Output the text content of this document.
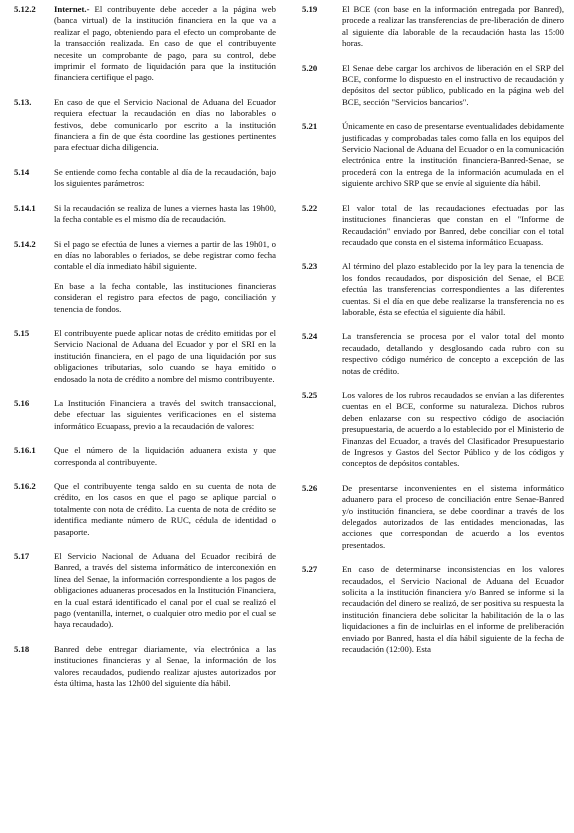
5.12.2	Internet.- El contribuyente debe acceder a la página web (banca virtual) de la institución financiera en la que va a realizar el pago, obteniendo para el efecto un comprobante de la transacción realizada. En caso de que el contribuyente necesite un comprobante de pago, para su control, debe imprimir el formato de liquidación para que la institución financiera certifique el pago.

5.13.	En caso de que el Servicio Nacional de Aduana del Ecuador requiera efectuar la recaudación en días no laborables o festivos, debe comunicarlo por escrito a la institución financiera a fin de que ésta coordine las gestiones pertinentes para efectuar dicha diligencia.

5.14	Se entiende como fecha contable al día de la recaudación, bajo los siguientes parámetros:

5.14.1	Si la recaudación se realiza de lunes a viernes hasta las 19h00, la fecha contable es el mismo día de recaudación.

5.14.2	Si el pago se efectúa de lunes a viernes a partir de las 19h01, o en días no laborables o feriados, se debe registrar como fecha contable el día inmediato hábil siguiente.

En base a la fecha contable, las instituciones financieras consideran el registro para efectos de pago, conciliación y tenencia de fondos.

5.15	El contribuyente puede aplicar notas de crédito emitidas por el Servicio Nacional de Aduana del Ecuador y por el SRI en la institución financiera, en el pago de una liquidación por sus obligaciones tributarias, solo cuando se haya emitido o endosado la nota de crédito a nombre del mismo contribuyente.

5.16	La Institución Financiera a través del switch transaccional, debe efectuar las siguientes verificaciones en el sistema informático Ecuapass, previo a la recaudación de valores:

5.16.1	Que el número de la liquidación aduanera exista y que corresponda al contribuyente.

5.16.2	Que el contribuyente tenga saldo en su cuenta de nota de crédito, en los casos en que el pago se aplique parcial o totalmente con nota de crédito. La cuenta de nota de crédito se identifica mediante número de RUC, cédula de identidad o pasaporte.

5.17	El Servicio Nacional de Aduana del Ecuador recibirá de Banred, a través del sistema informático de interconexión en línea del Senae, la información correspondiente a los pagos de obligaciones aduaneras procesados en la Institución Financiera, en la cual estará identificado el canal por el cual se realizó el pago (ventanilla, internet, o cualquier otro medio por el cual se haya recaudado).

5.18	Banred debe entregar diariamente, vía electrónica a las instituciones financieras y al Senae, la información de los valores recaudados, pudiendo realizar ajustes autorizados por ésta última, hasta las 12h00 del siguiente día hábil.

5.19	El BCE (con base en la información entregada por Banred), procede a realizar las transferencias de pre-liberación de dinero al siguiente día laborable de la recaudación hasta las 15:00 horas.

5.20	El Senae debe cargar los archivos de liberación en el SRP del BCE, conforme lo dispuesto en el instructivo de recaudación y depósitos del sector público, publicado en la página web del BCE, sección "Servicios bancarios".

5.21	Únicamente en caso de presentarse eventualidades debidamente justificadas y comprobadas tales como falla en los equipos del Servicio Nacional de Aduana del Ecuador o en la comunicación electrónica entre la institución financiera-Banred-Senae, se procederá con la entrega de la información acumulada en el siguiente archivo SRP que se envíe al siguiente día hábil.

5.22	El valor total de las recaudaciones efectuadas por las instituciones financieras que constan en el "Informe de Recaudación" enviado por Banred, debe conciliar con el total recaudado que consta en el sistema informático Ecuapass.

5.23	Al término del plazo establecido por la ley para la tenencia de los fondos recaudados, por disposición del Senae, el BCE efectúa las transferencias correspondientes a las diferentes cuentas. Si el día en que debe realizarse la transferencia no es laborable, ésta se efectúa el siguiente día hábil.

5.24	La transferencia se procesa por el valor total del monto recaudado, detallando y desglosando cada rubro con su respectivo código numérico de concepto a excepción de las notas de crédito.

5.25	Los valores de los rubros recaudados se envían a las diferentes cuentas en el BCE, conforme su naturaleza. Dichos rubros deben enlazarse con su respectivo código de asociación presupuestaria, de acuerdo a lo establecido por el Ministerio de Finanzas del Ecuador, a través del Clasificador Presupuestario de Ingresos y Gastos del Sector Público y de los códigos y conceptos de depósitos contables.

5.26	De presentarse inconvenientes en el sistema informático aduanero para el proceso de conciliación entre Senae-Banred y/o institución financiera, se debe coordinar a través de los delegados autorizados de las entidades mencionadas, las acciones que correspondan de acuerdo a los eventos presentados.

5.27	En caso de determinarse inconsistencias en los valores recaudados, el Servicio Nacional de Aduana del Ecuador solicita a la institución financiera y/o Banred se informe si la recaudación del dinero se realizó, de ser positiva su respuesta la institución financiera debe solicitar la habilitación de la o las liquidaciones a fin de incluirlas en el informe de preliberación enviado por Banred, hasta el día hábil siguiente de la fecha de recaudación (12:00). Esta
